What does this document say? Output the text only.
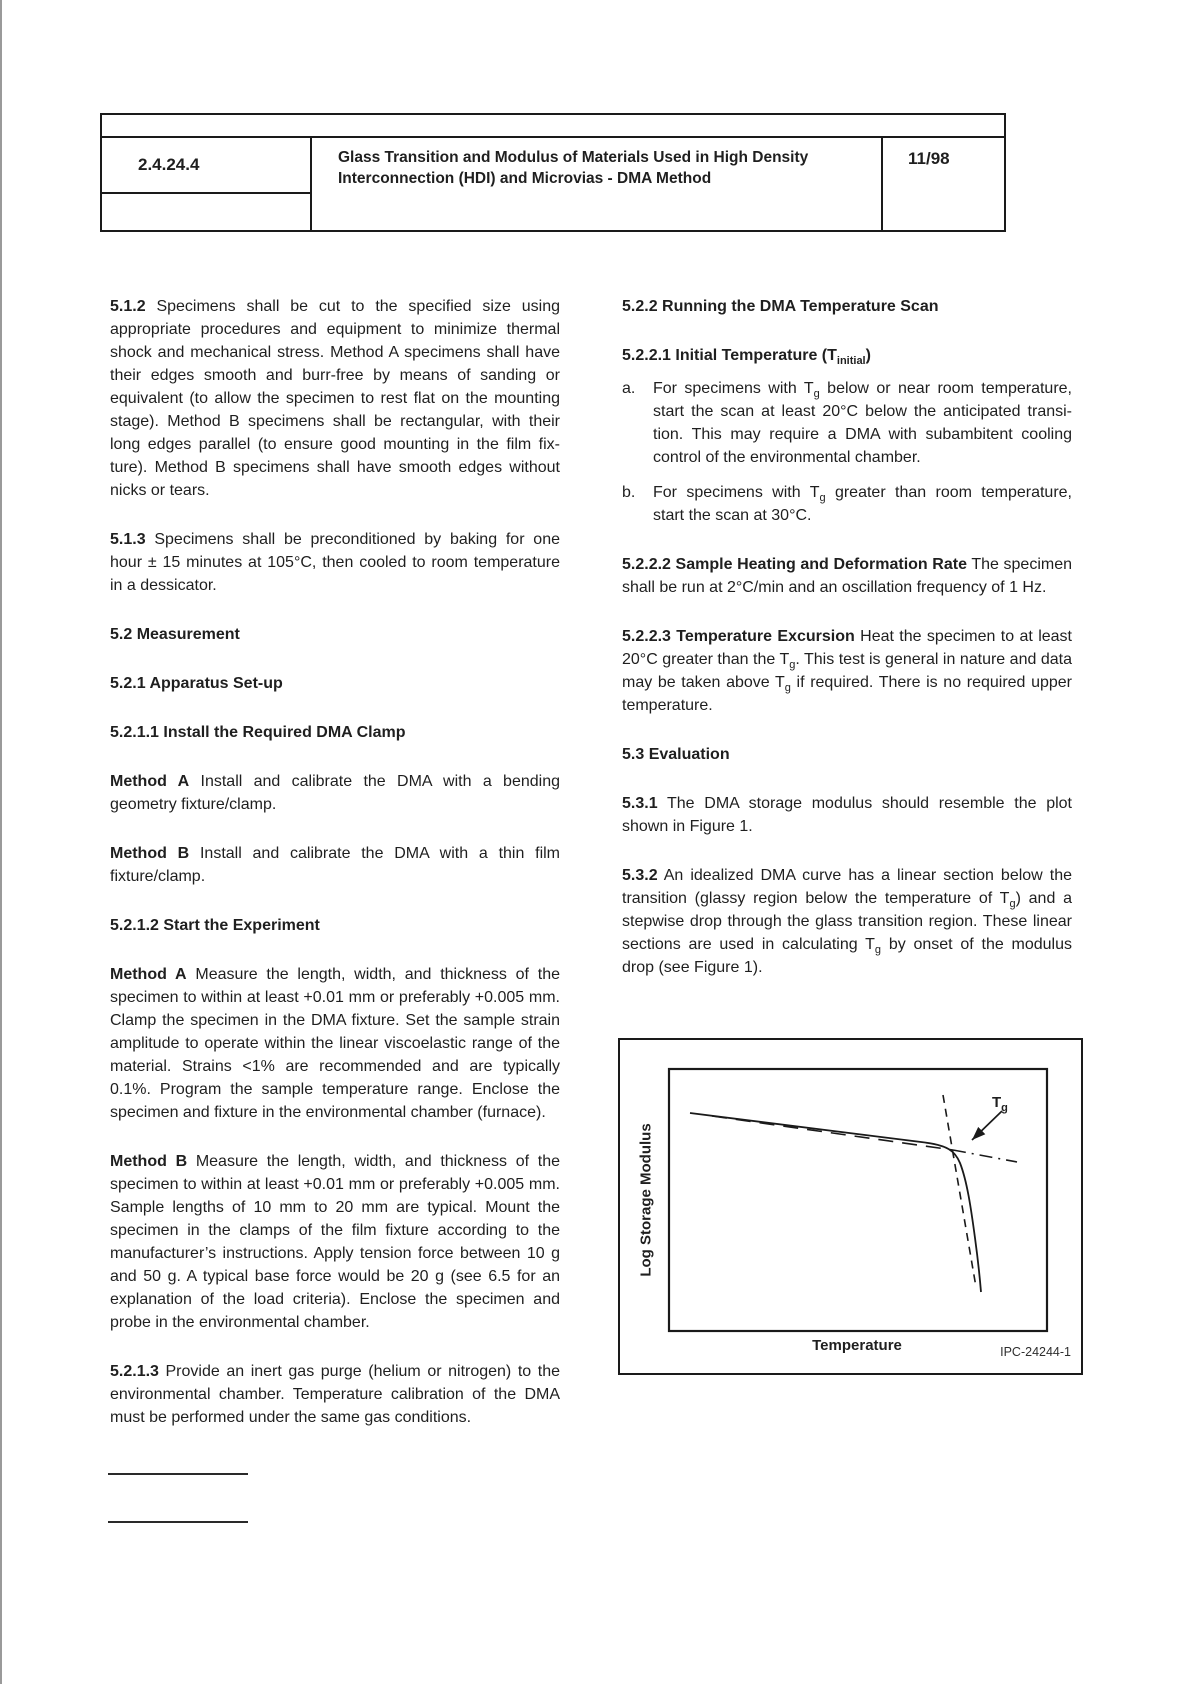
2.4.24.4	Glass Transition and Modulus of Materials Used in High Density Interconnection (HDI) and Microvias - DMA Method
11/98
5.1.2 Specimens shall be cut to the specified size using appropriate procedures and equipment to minimize thermal shock and mechanical stress. Method A specimens shall have their edges smooth and burr-free by means of sanding or equivalent (to allow the specimen to rest flat on the mounting stage). Method B specimens shall be rectangular, with their long edges parallel (to ensure good mounting in the film fixture). Method B specimens shall have smooth edges without nicks or tears.
5.1.3 Specimens shall be preconditioned by baking for one hour ± 15 minutes at 105°C, then cooled to room temperature in a dessicator.
5.2 Measurement
5.2.1 Apparatus Set-up
5.2.1.1 Install the Required DMA Clamp
Method A Install and calibrate the DMA with a bending geometry fixture/clamp.
Method B Install and calibrate the DMA with a thin film fixture/clamp.
5.2.1.2 Start the Experiment
Method A Measure the length, width, and thickness of the specimen to within at least +0.01 mm or preferably +0.005 mm. Clamp the specimen in the DMA fixture. Set the sample strain amplitude to operate within the linear viscoelastic range of the material. Strains <1% are recommended and are typically 0.1%. Program the sample temperature range. Enclose the specimen and fixture in the environmental chamber (furnace).
Method B Measure the length, width, and thickness of the specimen to within at least +0.01 mm or preferably +0.005 mm. Sample lengths of 10 mm to 20 mm are typical. Mount the specimen in the clamps of the film fixture according to the manufacturer’s instructions. Apply tension force between 10 g and 50 g. A typical base force would be 20 g (see 6.5 for an explanation of the load criteria). Enclose the specimen and probe in the environmental chamber.
5.2.1.3 Provide an inert gas purge (helium or nitrogen) to the environmental chamber. Temperature calibration of the DMA must be performed under the same gas conditions.
5.2.2 Running the DMA Temperature Scan
5.2.2.1 Initial Temperature $(T_{initial})$
a. For specimens with $T_g$ below or near room temperature, start the scan at least 20°C below the anticipated transition. This may require a DMA with subambitent cooling control of the environmental chamber.
b. For specimens with $T_g$ greater than room temperature, start the scan at 30°C.
5.2.2.2 Sample Heating and Deformation Rate The specimen shall be run at 2°C/min and an oscillation frequency of 1 Hz.
5.2.2.3 Temperature Excursion Heat the specimen to at least 20°C greater than the $T_g$. This test is general in nature and data may be taken above $T_g$ if required. There is no required upper temperature.
5.3 Evaluation
5.3.1 The DMA storage modulus should resemble the plot shown in Figure 1.
5.3.2 An idealized DMA curve has a linear section below the transition (glassy region below the temperature of $T_g$) and a stepwise drop through the glass transition region. These linear sections are used in calculating $T_g$ by onset of the modulus drop (see Figure 1).
Log Storage Modulus
Temperature
$T_g$
IPC-24244-1
